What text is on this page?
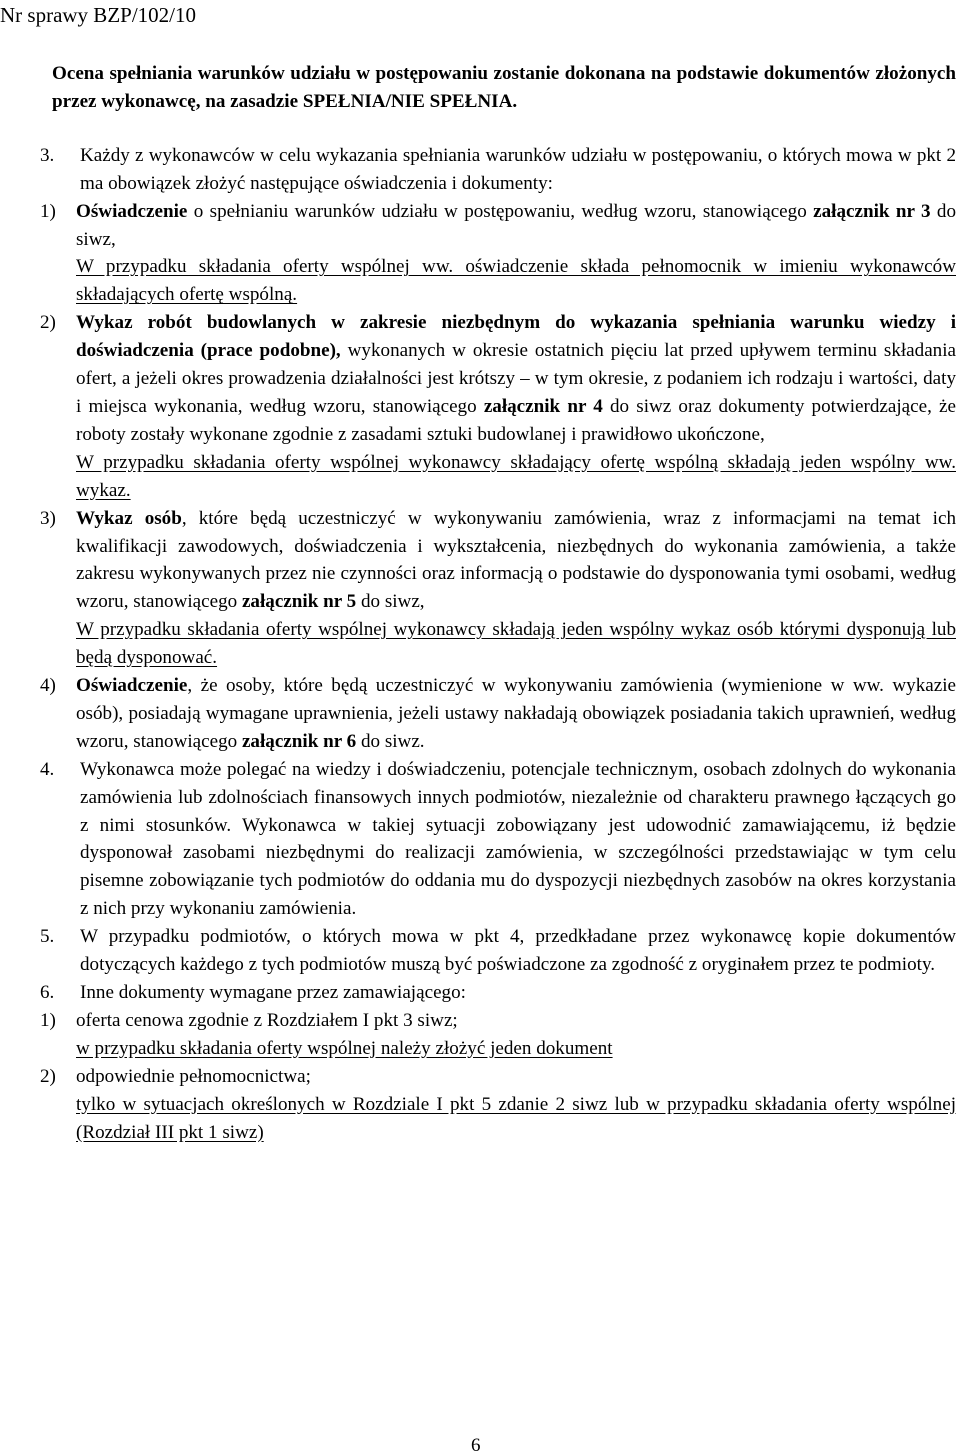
Nr sprawy BZP/102/10

Ocena spełniania warunków udziału w postępowaniu zostanie dokonana na podstawie dokumentów złożonych przez wykonawcę, na zasadzie SPEŁNIA/NIE SPEŁNIA.

3. Każdy z wykonawców w celu wykazania spełniania warunków udziału w postępowaniu, o których mowa w pkt 2 ma obowiązek złożyć następujące oświadczenia i dokumenty:
1) Oświadczenie o spełnianiu warunków udziału w postępowaniu, według wzoru, stanowiącego załącznik nr 3 do siwz,
W przypadku składania oferty wspólnej ww. oświadczenie składa pełnomocnik w imieniu wykonawców składających ofertę wspólną.
2) Wykaz robót budowlanych w zakresie niezbędnym do wykazania spełniania warunku wiedzy i doświadczenia (prace podobne), wykonanych w okresie ostatnich pięciu lat przed upływem terminu składania ofert, a jeżeli okres prowadzenia działalności jest krótszy – w tym okresie, z podaniem ich rodzaju i wartości, daty i miejsca wykonania, według wzoru, stanowiącego załącznik nr 4 do siwz oraz dokumenty potwierdzające, że roboty zostały wykonane zgodnie z zasadami sztuki budowlanej i prawidłowo ukończone,
W przypadku składania oferty wspólnej wykonawcy składający ofertę wspólną składają jeden wspólny ww. wykaz.
3) Wykaz osób, które będą uczestniczyć w wykonywaniu zamówienia, wraz z informacjami na temat ich kwalifikacji zawodowych, doświadczenia i wykształcenia, niezbędnych do wykonania zamówienia, a także zakresu wykonywanych przez nie czynności oraz informacją o podstawie do dysponowania tymi osobami, według wzoru, stanowiącego załącznik nr 5 do siwz,
W przypadku składania oferty wspólnej wykonawcy składają jeden wspólny wykaz osób którymi dysponują lub będą dysponować.
4) Oświadczenie, że osoby, które będą uczestniczyć w wykonywaniu zamówienia (wymienione w ww. wykazie osób), posiadają wymagane uprawnienia, jeżeli ustawy nakładają obowiązek posiadania takich uprawnień, według wzoru, stanowiącego załącznik nr 6 do siwz.
4. Wykonawca może polegać na wiedzy i doświadczeniu, potencjale technicznym, osobach zdolnych do wykonania zamówienia lub zdolnościach finansowych innych podmiotów, niezależnie od charakteru prawnego łączących go z nimi stosunków. Wykonawca w takiej sytuacji zobowiązany jest udowodnić zamawiającemu, iż będzie dysponował zasobami niezbędnymi do realizacji zamówienia, w szczególności przedstawiając w tym celu pisemne zobowiązanie tych podmiotów do oddania mu do dyspozycji niezbędnych zasobów na okres korzystania z nich przy wykonaniu zamówienia.
5. W przypadku podmiotów, o których mowa w pkt 4, przedkładane przez wykonawcę kopie dokumentów dotyczących każdego z tych podmiotów muszą być poświadczone za zgodność z oryginałem przez te podmioty.
6. Inne dokumenty wymagane przez zamawiającego:
1) oferta cenowa zgodnie z Rozdziałem I pkt 3 siwz;
w przypadku składania oferty wspólnej należy złożyć jeden dokument
2) odpowiednie pełnomocnictwa;
tylko w sytuacjach określonych w Rozdziale I pkt 5 zdanie 2 siwz lub w przypadku składania oferty wspólnej (Rozdział III pkt 1 siwz)
6
